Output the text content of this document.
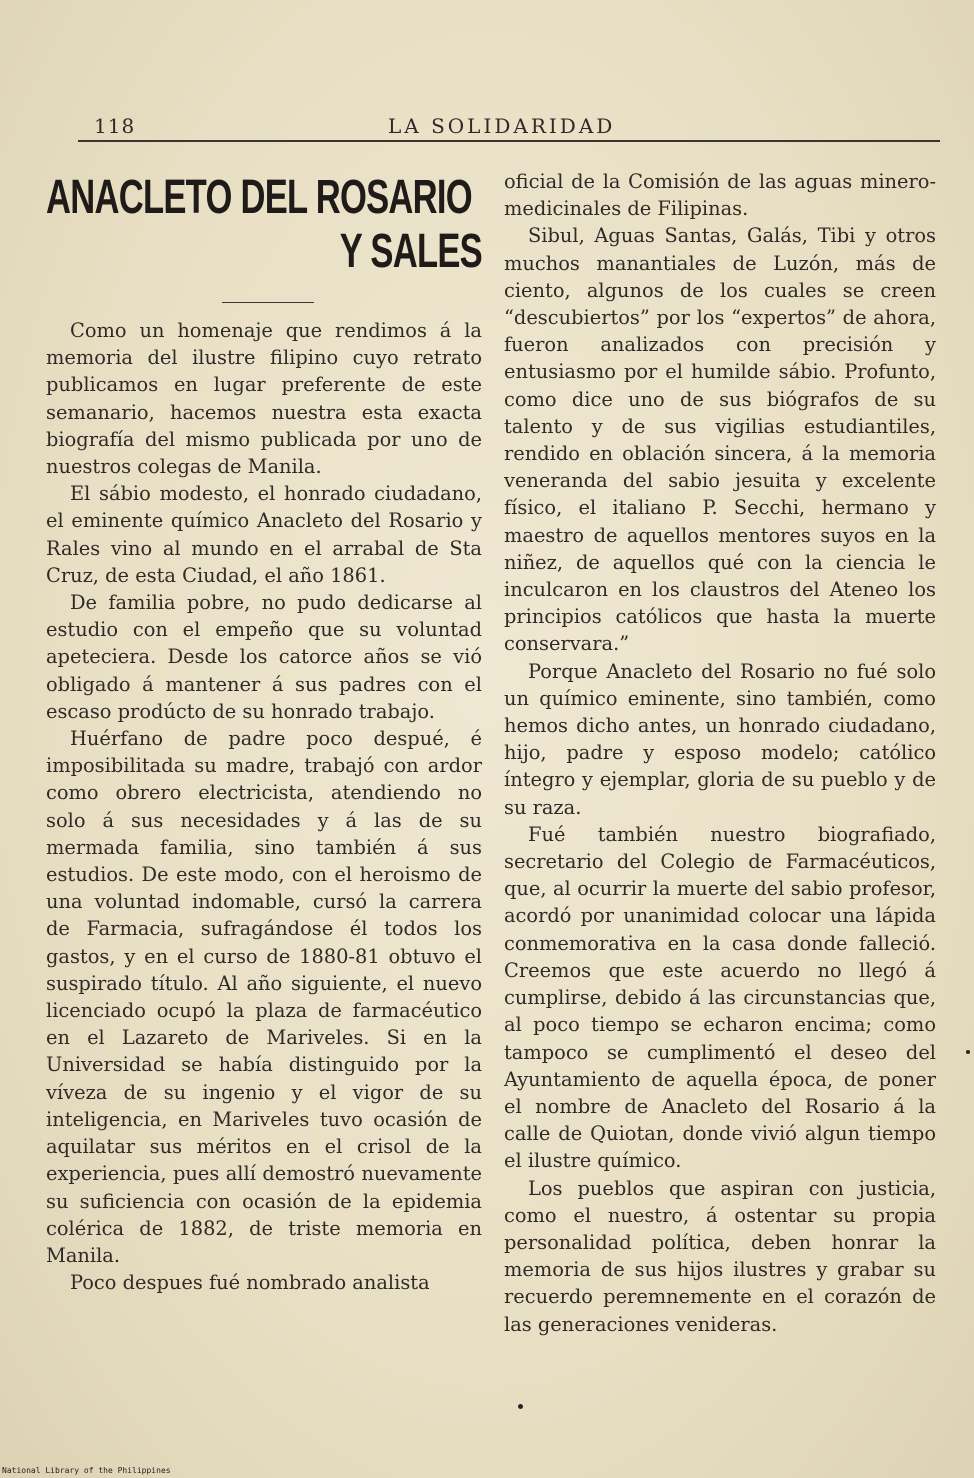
118	LA SOLIDARIDAD
ANACLETO DEL ROSARIO
Y SALES

Como un homenaje que rendimos á la memoria del ilustre filipino cuyo retrato publicamos en lugar preferente de este semanario, hacemos nuestra esta exacta biografía del mismo publicada por uno de nuestros colegas de Manila.

El sábio modesto, el honrado ciudadano, el eminente químico Anacleto del Rosario y Rales vino al mundo en el arrabal de Sta Cruz, de esta Ciudad, el año 1861.

De familia pobre, no pudo dedicarse al estudio con el empeño que su voluntad apeteciera. Desde los catorce años se vió obligado á mantener á sus padres con el escaso prodúcto de su honrado trabajo.

Huérfano de padre poco despué, é imposibilitada su madre, trabajó con ardor como obrero electricista, atendiendo no solo á sus necesidades y á las de su mermada familia, sino también á sus estudios. De este modo, con el heroismo de una voluntad indomable, cursó la carrera de Farmacia, sufragándose él todos los gastos, y en el curso de 1880-81 obtuvo el suspirado título. Al año siguiente, el nuevo licenciado ocupó la plaza de farmacéutico en el Lazareto de Mariveles. Si en la Universidad se había distinguido por la víveza de su ingenio y el vigor de su inteligencia, en Mariveles tuvo ocasión de aquilatar sus méritos en el crisol de la experiencia, pues allí demostró nuevamente su suficiencia con ocasión de la epidemia colérica de 1882, de triste memoria en Manila.

Poco despues fué nombrado analista

oficial de la Comisión de las aguas minero-medicinales de Filipinas.

Sibul, Aguas Santas, Galás, Tibi y otros muchos manantiales de Luzón, más de ciento, algunos de los cuales se creen “descubiertos” por los “expertos” de ahora, fueron analizados con precisión y entusiasmo por el humilde sábio. Profunto, como dice uno de sus biógrafos de su talento y de sus vigilias estudiantiles, rendido en oblación sincera, á la memoria veneranda del sabio jesuita y excelente físico, el italiano P. Secchi, hermano y maestro de aquellos mentores suyos en la niñez, de aquellos qué con la ciencia le inculcaron en los claustros del Ateneo los principios católicos que hasta la muerte conservara.”

Porque Anacleto del Rosario no fué solo un químico eminente, sino también, como hemos dicho antes, un honrado ciudadano, hijo, padre y esposo modelo; católico íntegro y ejemplar, gloria de su pueblo y de su raza.

Fué también nuestro biografiado, secretario del Colegio de Farmacéuticos, que, al ocurrir la muerte del sabio profesor, acordó por unanimidad colocar una lápida conmemorativa en la casa donde falleció. Creemos que este acuerdo no llegó á cumplirse, debido á las circunstancias que, al poco tiempo se echaron encima; como tampoco se cumplimentó el deseo del Ayuntamiento de aquella época, de poner el nombre de Anacleto del Rosario á la calle de Quiotan, donde vivió algun tiempo el ilustre químico.

Los pueblos que aspiran con justicia, como el nuestro, á ostentar su propia personalidad política, deben honrar la memoria de sus hijos ilustres y grabar su recuerdo peremnemente en el corazón de las generaciones venideras.

National Library of the Philippines
